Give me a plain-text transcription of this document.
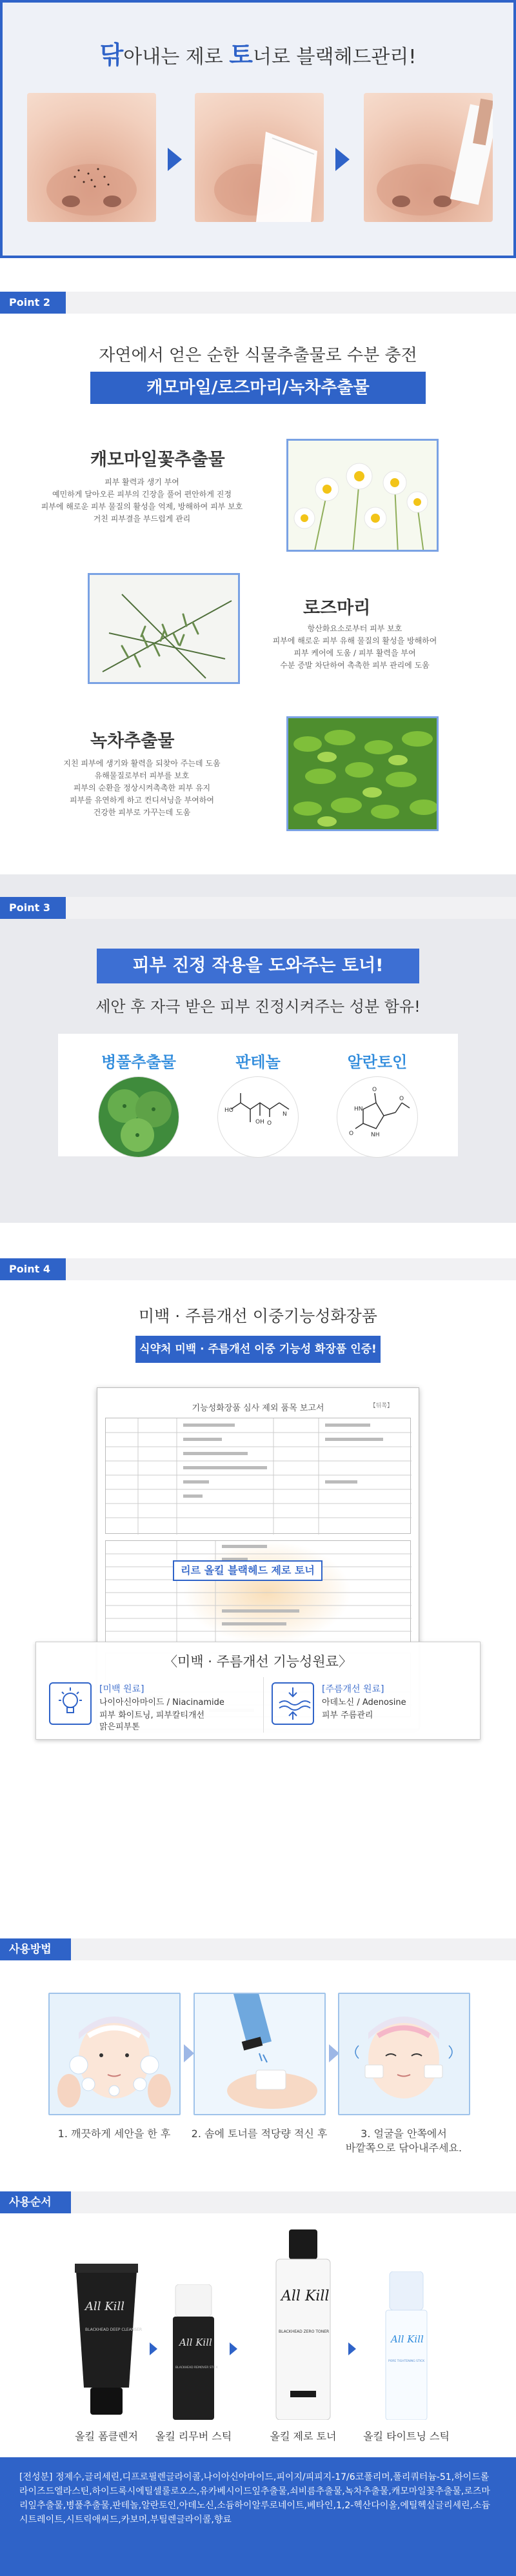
닦아내는 제로 토너로 블랙헤드관리!
Point 2
자연에서 얻은 순한 식물추출물로 수분 충전
캐모마일/로즈마리/녹차추출물
캐모마일꽃추출물
피부 활력과 생기 부여
예민하게 달아오른 피부의 긴장을 풀어 편안하게 진정
피부에 해로운 피부 물질의 활성을 억제, 방해하여 피부 보호
거친 피부결을 부드럽게 관리
로즈마리
항산화요소로부터 피부 보호
피부에 해로운 피부 유해 물질의 활성을 방해하여
피부 케어에 도움 / 피부 활력을 부여
수분 증발 차단하여 촉촉한 피부 관리에 도움
녹차추출물
지친 피부에 생기와 활력을 되찾아 주는데 도움
유해물질로부터 피부를 보호
피부의 순환을 정상시켜촉촉한 피부 유지
피부를 유연하게 하고 컨디셔닝을 부여하여
건강한 피부로 가꾸는데 도움
Point 3
피부 진정 작용을 도와주는 토너!
세안 후 자극 받은 피부 진정시켜주는 성분 함유!
병풀추출물	판테놀
HO
OH O
N
알란토인
HN
O
O	NH
O
Point 4
미백 · 주름개선 이중기능성화장품
식약처 미백 · 주름개선 이중 기능성 화장품 인증!
기능성화장품 심사 제외 품목 보고서	【뒤쪽】
리르 올킬 블랙헤드 제로 토너
〈미백 · 주름개선 기능성원료〉
[미백 원료]
나이아신아마이드 / Niacinamide
피부 화이트닝, 피부칼티개선
맑은피부톤
[주름개선 원료]
아데노신 / Adenosine
피부 주름관리
사용방법
1. 깨끗하게 세안을 한 후	2. 솜에 토너를 적당량 적신 후	3. 얼굴을 안쪽에서
바깥쪽으로 닦아내주세요.
사용순서
All Kill
BLACKHEAD DEEP CLEANSER
All Kill
BLACKHEAD REMOVER STICK
All Kill
BLACKHEAD ZERO TONER
All Kill
PORE TIGHTENING STICK
올킬 폼클렌저	올킬 리무버 스틱	올킬 제로 토너	올킬 타이트닝 스틱
[전성분] 정제수,글리세린,디프로필렌글라이콜,나이아신아마이드,피이지/피피지-17/6코폴리머,폴리쿼터늄-51,하이드롤라이즈드엘라스틴,하이드록시에틸셀룰로오스,유카베시이드잎추출물,쇠비름추출물,녹차추출물,캐모마일꽃추출물,로즈마리잎추출물,병풀추출물,판테놀,알란토인,아데노신,소듐하이알루로네이트,베타인,1,2-헥산다이올,에틸헥실글리세린,소듐시트레이트,시트릭애씨드,카보머,부틸렌글라이콜,향료
